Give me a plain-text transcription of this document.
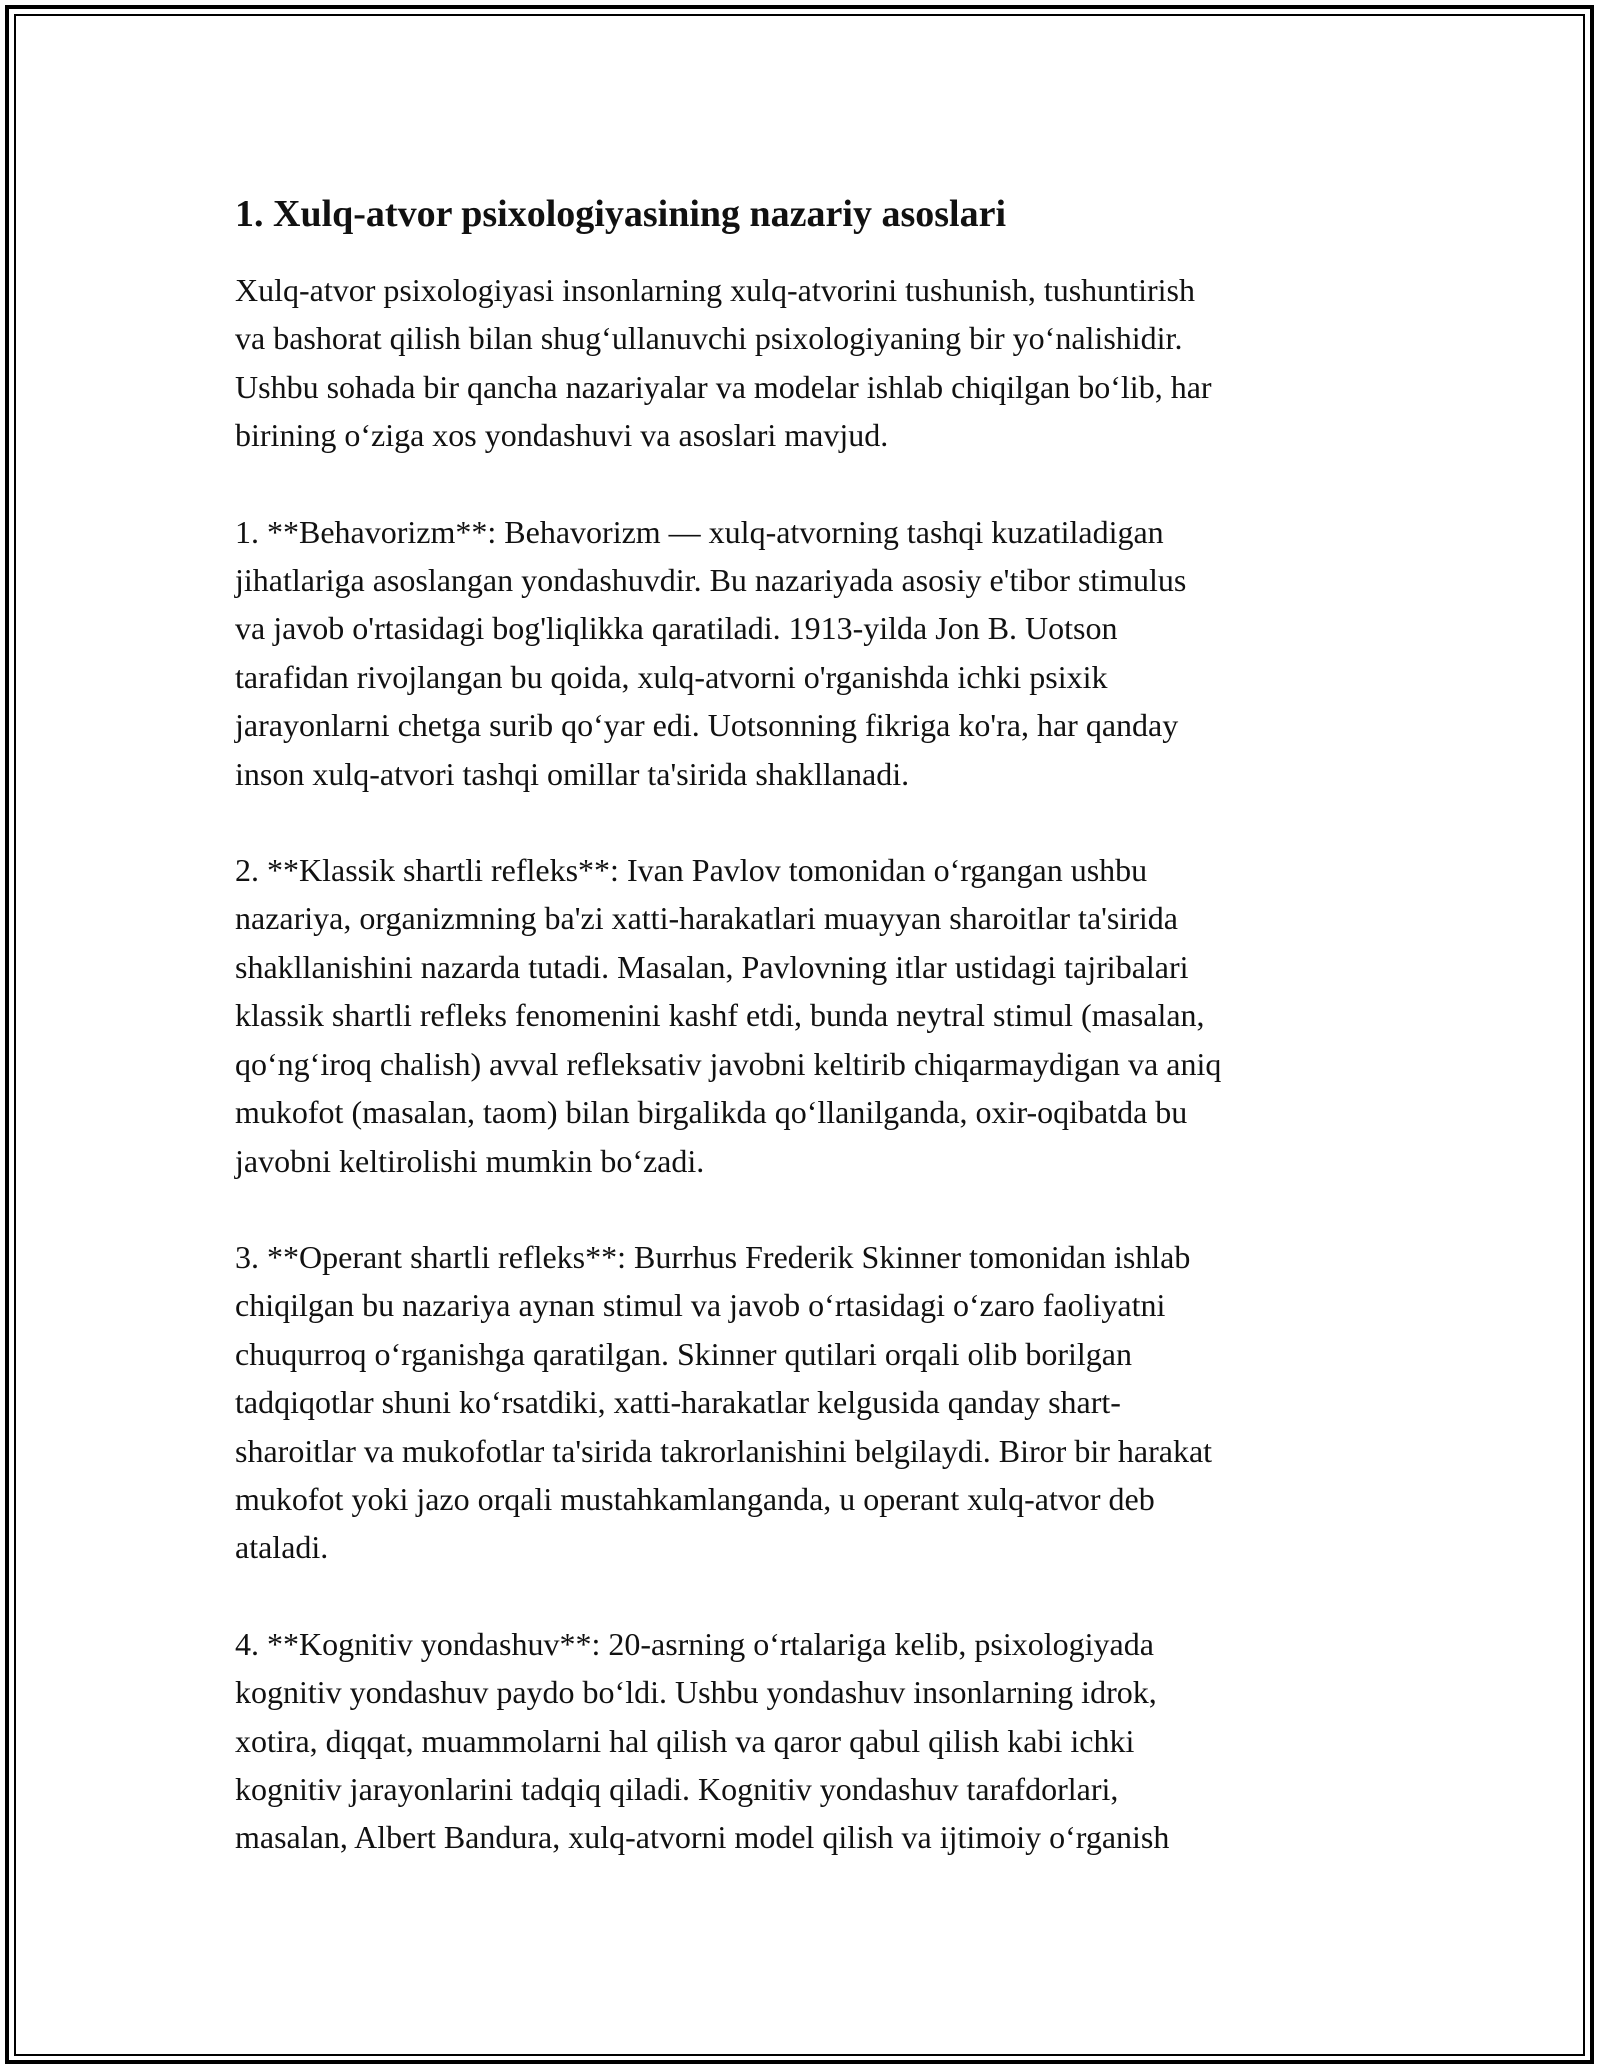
1. Xulq-atvor psixologiyasining nazariy asoslari

Xulq-atvor psixologiyasi insonlarning xulq-atvorini tushunish, tushuntirish
va bashorat qilish bilan shug‘ullanuvchi psixologiyaning bir yo‘nalishidir.
Ushbu sohada bir qancha nazariyalar va modelar ishlab chiqilgan bo‘lib, har
birining o‘ziga xos yondashuvi va asoslari mavjud.

1. **Behavorizm**: Behavorizm — xulq-atvorning tashqi kuzatiladigan
jihatlariga asoslangan yondashuvdir. Bu nazariyada asosiy e'tibor stimulus
va javob o'rtasidagi bog'liqlikka qaratiladi. 1913-yilda Jon B. Uotson
tarafidan rivojlangan bu qoida, xulq-atvorni o'rganishda ichki psixik
jarayonlarni chetga surib qo‘yar edi. Uotsonning fikriga ko'ra, har qanday
inson xulq-atvori tashqi omillar ta'sirida shakllanadi.

2. **Klassik shartli refleks**: Ivan Pavlov tomonidan o‘rgangan ushbu
nazariya, organizmning ba'zi xatti-harakatlari muayyan sharoitlar ta'sirida
shakllanishini nazarda tutadi. Masalan, Pavlovning itlar ustidagi tajribalari
klassik shartli refleks fenomenini kashf etdi, bunda neytral stimul (masalan,
qo‘ng‘iroq chalish) avval refleksativ javobni keltirib chiqarmaydigan va aniq
mukofot (masalan, taom) bilan birgalikda qo‘llanilganda, oxir-oqibatda bu
javobni keltirolishi mumkin bo‘zadi.

3. **Operant shartli refleks**: Burrhus Frederik Skinner tomonidan ishlab
chiqilgan bu nazariya aynan stimul va javob o‘rtasidagi o‘zaro faoliyatni
chuqurroq o‘rganishga qaratilgan. Skinner qutilari orqali olib borilgan
tadqiqotlar shuni ko‘rsatdiki, xatti-harakatlar kelgusida qanday shart-
sharoitlar va mukofotlar ta'sirida takrorlanishini belgilaydi. Biror bir harakat
mukofot yoki jazo orqali mustahkamlanganda, u operant xulq-atvor deb
ataladi.

4. **Kognitiv yondashuv**: 20-asrning o‘rtalariga kelib, psixologiyada
kognitiv yondashuv paydo bo‘ldi. Ushbu yondashuv insonlarning idrok,
xotira, diqqat, muammolarni hal qilish va qaror qabul qilish kabi ichki
kognitiv jarayonlarini tadqiq qiladi. Kognitiv yondashuv tarafdorlari,
masalan, Albert Bandura, xulq-atvorni model qilish va ijtimoiy o‘rganish
